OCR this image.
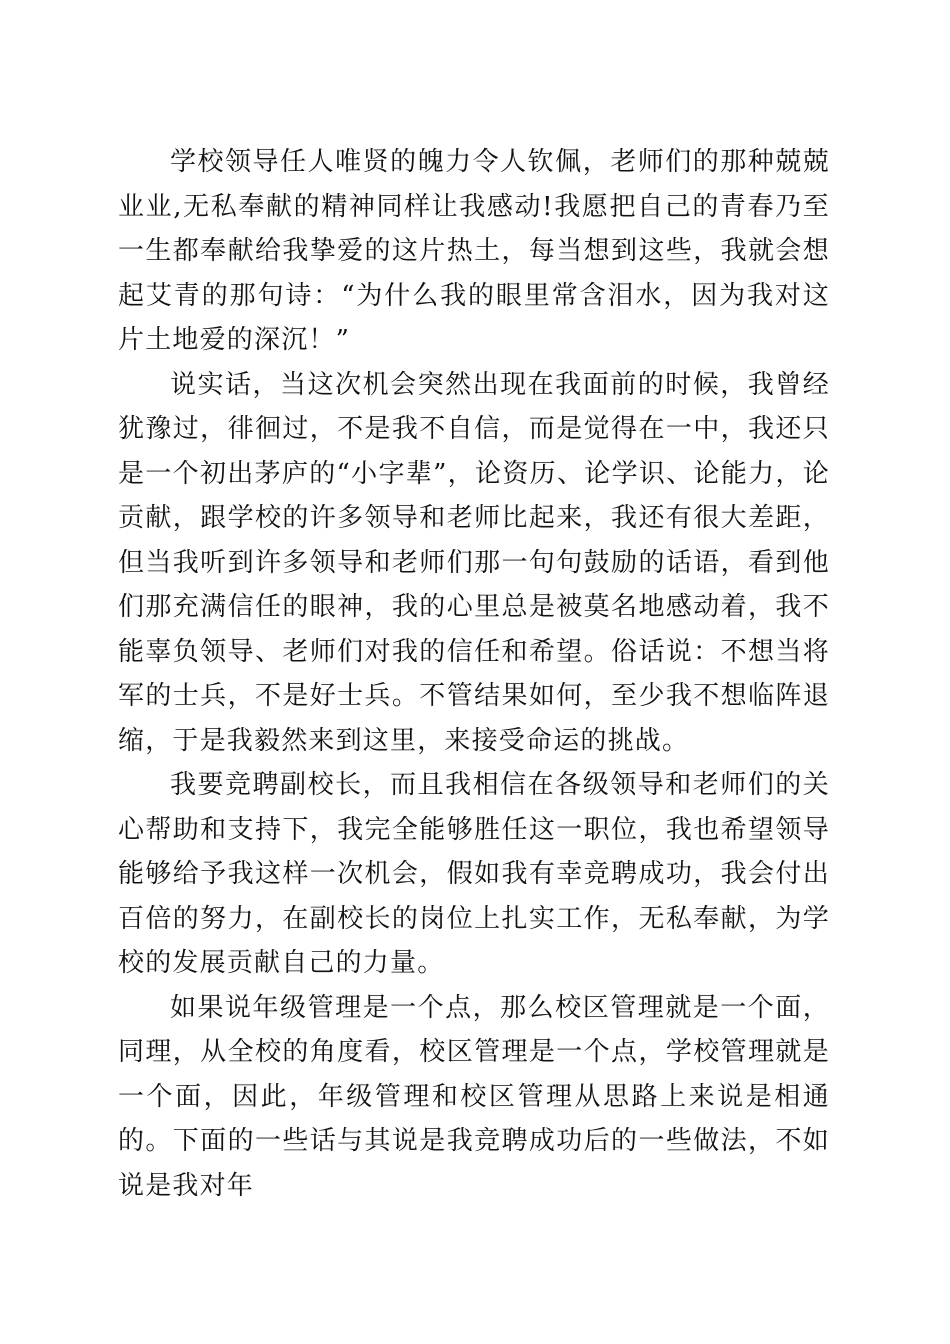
学校领导任人唯贤的魄力令人钦佩，老师们的那种兢兢业业,无私奉献的精神同样让我感动!我愿把自己的青春乃至一生都奉献给我挚爱的这片热土，每当想到这些，我就会想起艾青的那句诗：“为什么我的眼里常含泪水，因为我对这片土地爱的深沉！”

说实话，当这次机会突然出现在我面前的时候，我曾经犹豫过，徘徊过，不是我不自信，而是觉得在一中，我还只是一个初出茅庐的“小字辈”，论资历、论学识、论能力，论贡献，跟学校的许多领导和老师比起来，我还有很大差距，但当我听到许多领导和老师们那一句句鼓励的话语，看到他们那充满信任的眼神，我的心里总是被莫名地感动着，我不能辜负领导、老师们对我的信任和希望。俗话说：不想当将军的士兵，不是好士兵。不管结果如何，至少我不想临阵退缩，于是我毅然来到这里，来接受命运的挑战。

我要竞聘副校长，而且我相信在各级领导和老师们的关心帮助和支持下，我完全能够胜任这一职位，我也希望领导能够给予我这样一次机会，假如我有幸竞聘成功，我会付出百倍的努力，在副校长的岗位上扎实工作，无私奉献，为学校的发展贡献自己的力量。

如果说年级管理是一个点，那么校区管理就是一个面，同理，从全校的角度看，校区管理是一个点，学校管理就是一个面，因此，年级管理和校区管理从思路上来说是相通的。下面的一些话与其说是我竞聘成功后的一些做法，不如说是我对年
